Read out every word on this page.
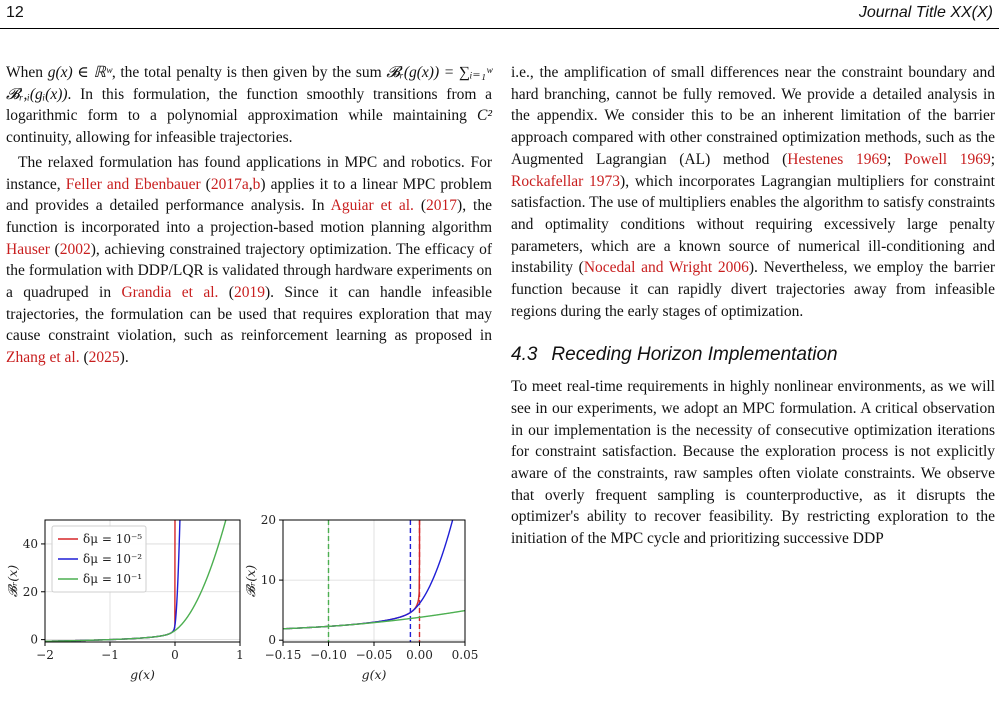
12	Journal Title XX(X)

When g(x) ∈ ℝʷ, the total penalty is then given by the sum 𝓑ᵣ(g(x)) = ∑ᵢ₌₁ʷ 𝓑ᵣ,ᵢ(gᵢ(x)). In this formulation, the function smoothly transitions from a logarithmic form to a polynomial approximation while maintaining C² continuity, allowing for infeasible trajectories.

The relaxed formulation has found applications in MPC and robotics. For instance, Feller and Ebenbauer (2017a,b) applies it to a linear MPC problem and provides a detailed performance analysis. In Aguiar et al. (2017), the function is incorporated into a projection-based motion planning algorithm Hauser (2002), achieving constrained trajectory optimization. The efficacy of the formulation with DDP/LQR is validated through hardware experiments on a quadruped in Grandia et al. (2019). Since it can handle infeasible trajectories, the formulation can be used that requires exploration that may cause constraint violation, such as reinforcement learning as proposed in Zhang et al. (2025).

i.e., the amplification of small differences near the constraint boundary and hard branching, cannot be fully removed. We provide a detailed analysis in the appendix. We consider this to be an inherent limitation of the barrier approach compared with other constrained optimization methods, such as the Augmented Lagrangian (AL) method (Hestenes 1969; Powell 1969; Rockafellar 1973), which incorporates Lagrangian multipliers for constraint satisfaction. The use of multipliers enables the algorithm to satisfy constraints and optimality conditions without requiring excessively large penalty parameters, which are a known source of numerical ill-conditioning and instability (Nocedal and Wright 2006). Nevertheless, we employ the barrier function because it can rapidly divert trajectories away from infeasible regions during the early stages of optimization.

4.3 Receding Horizon Implementation

To meet real-time requirements in highly nonlinear environments, as we will see in our experiments, we adopt an MPC formulation. A critical observation in our implementation is the necessity of consecutive optimization iterations for constraint satisfaction. Because the exploration process is not explicitly aware of the constraints, raw samples often violate constraints. We observe that overly frequent sampling is counterproductive, as it disrupts the optimizer's ability to recover feasibility. By restricting exploration to the initiation of the MPC cycle and prioritizing successive DDP

−2	−1	0	1
0
20
40
g(x)
𝓑ᵣ(x)
δμ = 10⁻⁵
δμ = 10⁻²
δμ = 10⁻¹
−0.15 −0.10 −0.05 0.00 0.05
0
10
20
g(x)
𝓑ᵣ(x)
